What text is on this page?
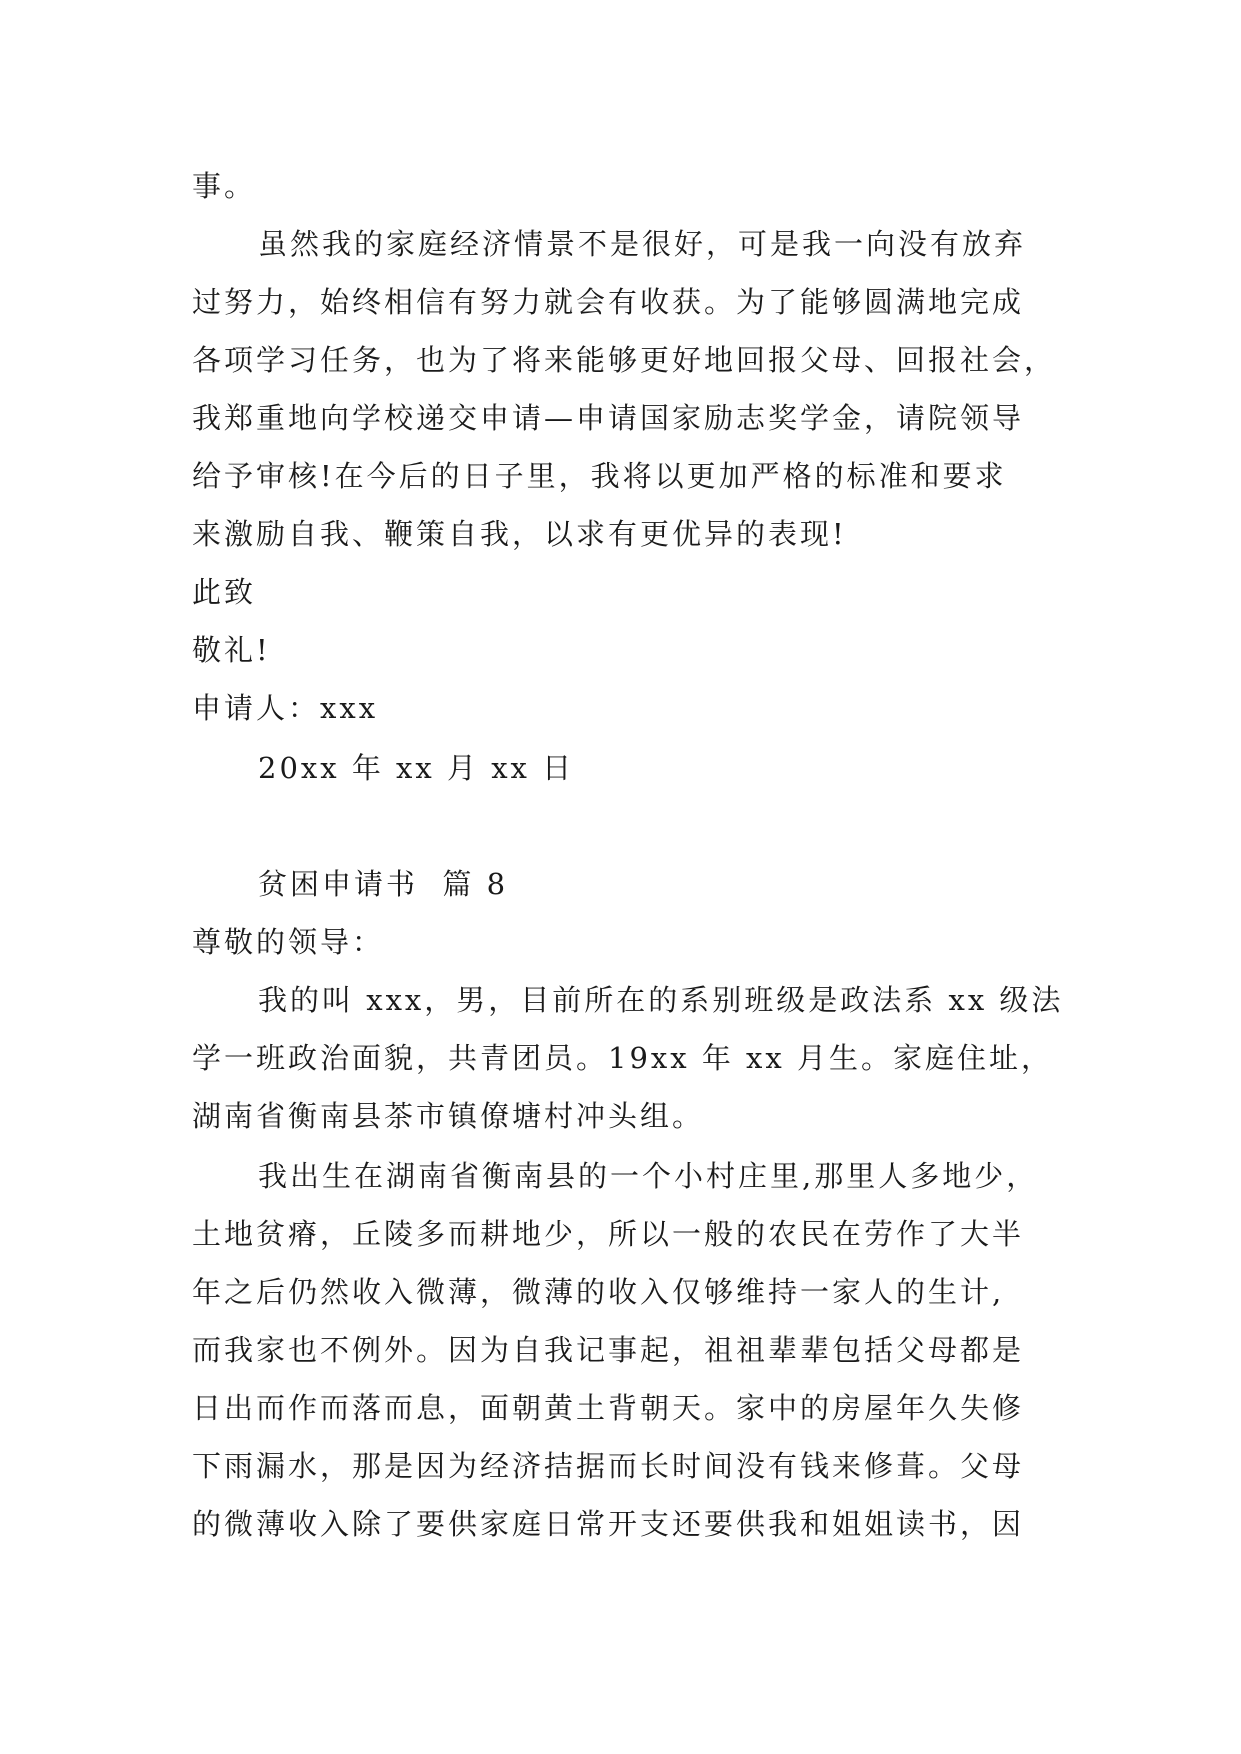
事。
虽然我的家庭经济情景不是很好，可是我一向没有放弃
过努力，始终相信有努力就会有收获。为了能够圆满地完成
各项学习任务，也为了将来能够更好地回报父母、回报社会，
我郑重地向学校递交申请—申请国家励志奖学金，请院领导
给予审核!在今后的日子里，我将以更加严格的标准和要求
来激励自我、鞭策自我，以求有更优异的表现!
此致
敬礼!
申请人：xxx
20xx 年 xx 月 xx 日
贫困申请书  篇 8
尊敬的领导：
我的叫 xxx，男，目前所在的系别班级是政法系 xx 级法
学一班政治面貌，共青团员。19xx 年 xx 月生。家庭住址，
湖南省衡南县茶市镇僚塘村冲头组。
我出生在湖南省衡南县的一个小村庄里,那里人多地少，
土地贫瘠，丘陵多而耕地少，所以一般的农民在劳作了大半
年之后仍然收入微薄，微薄的收入仅够维持一家人的生计,
而我家也不例外。因为自我记事起，祖祖辈辈包括父母都是
日出而作而落而息，面朝黄土背朝天。家中的房屋年久失修
下雨漏水，那是因为经济拮据而长时间没有钱来修葺。父母
的微薄收入除了要供家庭日常开支还要供我和姐姐读书，因
